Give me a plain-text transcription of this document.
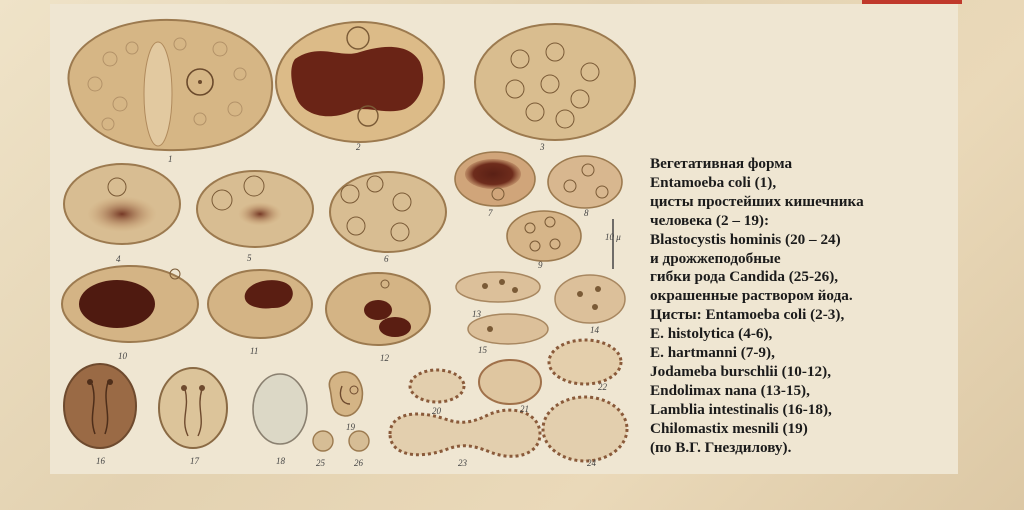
1
2	3
4	5	6
7	8
9
10	11
12
13
14
15
16	17	18
19
20	21
22
23	24
25	26
10 μ
Вегетативная форма
Entamoeba coli (1),
цисты простейших кишечника
человека (2 – 19):
Blastocystis hominis (20 – 24)
и дрожжеподобные
гибки рода Candida (25-26),
окрашенные раствором йода.
Цисты: Entamoeba coli (2-3),
E. histolytica (4-6),
E. hartmanni (7-9),
Jodameba burschlii (10-12),
Endolimax nana (13-15),
Lamblia intestinalis (16-18),
Chilomastix mesnili (19)
(по В.Г. Гнездилову).
